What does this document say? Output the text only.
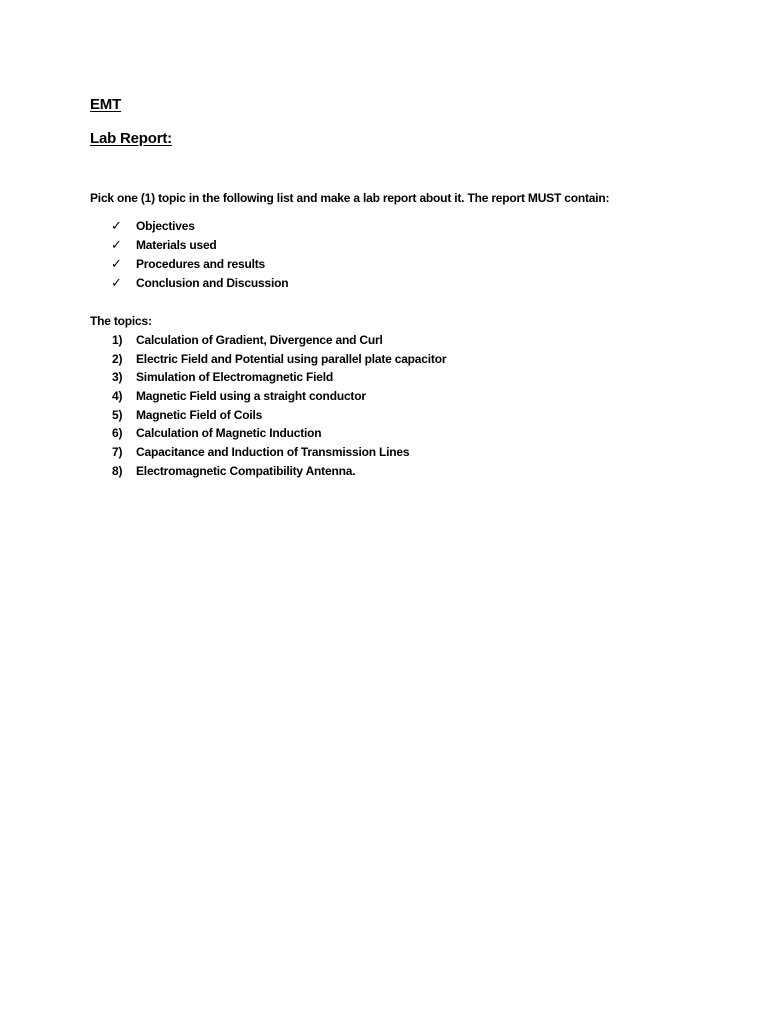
EMT
Lab Report:
Pick one (1) topic in the following list and make a lab report about it. The report MUST contain:
✓ Objectives
✓ Materials used
✓ Procedures and results
✓ Conclusion and Discussion
The topics:
1) Calculation of Gradient, Divergence and Curl
2) Electric Field and Potential using parallel plate capacitor
3) Simulation of Electromagnetic Field
4) Magnetic Field using a straight conductor
5) Magnetic Field of Coils
6) Calculation of Magnetic Induction
7) Capacitance and Induction of Transmission Lines
8) Electromagnetic Compatibility Antenna.
